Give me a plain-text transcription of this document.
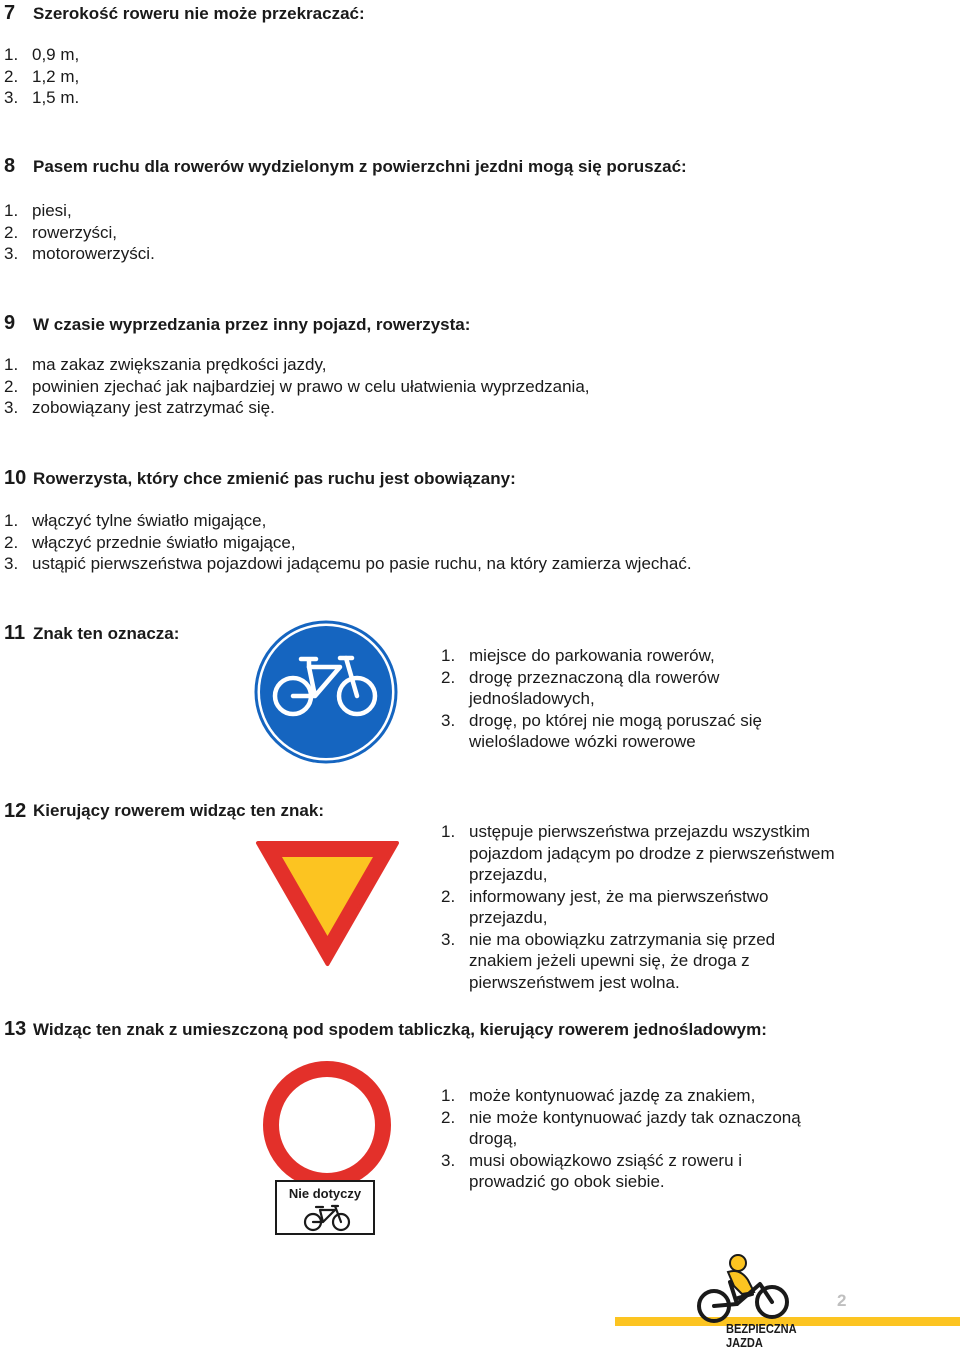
7 Szerokość roweru nie może przekraczać:
1. 0,9 m,
2. 1,2 m,
3. 1,5 m.
8 Pasem ruchu dla rowerów wydzielonym z powierzchni jezdni mogą się poruszać:
1. piesi,
2. rowerzyści,
3. motorowerzyści.
9 W czasie wyprzedzania przez inny pojazd, rowerzysta:
1. ma zakaz zwiększania prędkości jazdy,
2. powinien zjechać jak najbardziej w prawo w celu ułatwienia wyprzedzania,
3. zobowiązany jest zatrzymać się.
10 Rowerzysta, który chce zmienić pas ruchu jest obowiązany:
1. włączyć tylne światło migające,
2. włączyć przednie światło migające,
3. ustąpić pierwszeństwa pojazdowi jadącemu po pasie ruchu, na który zamierza wjechać.
11 Znak ten oznacza:
1. miejsce do parkowania rowerów,
2. drogę przeznaczoną dla rowerów jednośladowych,
3. drogę, po której nie mogą poruszać się wielośladowe wózki rowerowe
12 Kierujący rowerem widząc ten znak:
1. ustępuje pierwszeństwa przejazdu wszystkim pojazdom jadącym po drodze z pierwszeństwem przejazdu,
2. informowany jest, że ma pierwszeństwo przejazdu,
3. nie ma obowiązku zatrzymania się przed znakiem jeżeli upewni się, że droga z pierwszeństwem jest wolna.
13 Widząc ten znak z umieszczoną pod spodem tabliczką, kierujący rowerem jednośladowym:
Nie dotyczy
1. może kontynuować jazdę za znakiem,
2. nie może kontynuować jazdy tak oznaczoną drogą,
3. musi obowiązkowo zsiąść z roweru i prowadzić go obok siebie.
2
BEZPIECZNA
JAZDA
